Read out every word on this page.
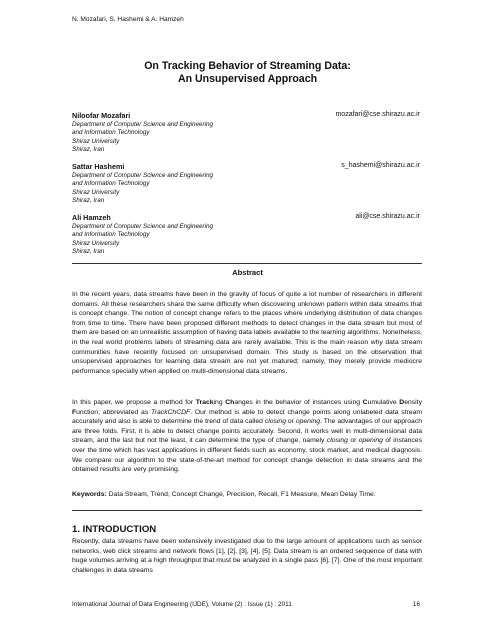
N. Mozafari, S. Hashemi & A. Hamzeh
On Tracking Behavior of Streaming Data:
An Unsupervised Approach
Niloofar Mozafari	mozafari@cse.shirazu.ac.ir
Department of Computer Science and Engineering
and Information Technology
Shiraz University
Shiraz, Iran
Sattar Hashemi	s_hashemi@shirazu.ac.ir
Department of Computer Science and Engineering
and Information Technology
Shiraz University
Shiraz, Iran
Ali Hamzeh	ali@cse.shirazu.ac.ir
Department of Computer Science and Engineering
and Information Technology
Shiraz University
Shiraz, Iran
Abstract
In the recent years, data streams have been in the gravity of focus of quite a lot number of researchers in different domains. All these researchers share the same difficulty when discovering unknown pattern within data streams that is concept change. The notion of concept change refers to the places where underlying distribution of data changes from time to time. There have been proposed different methods to detect changes in the data stream but most of them are based on an unrealistic assumption of having data labels available to the learning algorithms. Nonetheless, in the real world problems labels of streaming data are rarely available. This is the main reason why data stream communities have recently focused on unsupervised domain. This study is based on the observation that unsupervised approaches for learning data stream are not yet matured; namely, they merely provide mediocre performance specially when applied on multi-dimensional data streams.
In this paper, we propose a method for Tracking Changes in the behavior of instances using Cumulative Density Function; abbreviated as TrackChCDF. Our method is able to detect change points along unlabeled data stream accurately and also is able to determine the trend of data called closing or opening. The advantages of our approach are three folds. First, it is able to detect change points accurately. Second, it works well in multi-dimensional data stream, and the last but not the least, it can determine the type of change, namely closing or opening of instances over the time which has vast applications in different fields such as economy, stock market, and medical diagnosis. We compare our algorithm to the state-of-the-art method for concept change detection in data streams and the obtained results are very promising.
Keywords: Data Stream, Trend, Concept Change, Precision, Recall, F1 Measure, Mean Delay Time.
1. INTRODUCTION
Recently, data streams have been extensively investigated due to the large amount of applications such as sensor networks, web click streams and network flows [1], [2], [3], [4], [5]. Data stream is an ordered sequence of data with huge volumes arriving at a high throughput that must be analyzed in a single pass [6], [7]. One of the most important challenges in data streams
International Journal of Data Engineering (IJDE), Volume (2) : Issue (1) : 2011	16
